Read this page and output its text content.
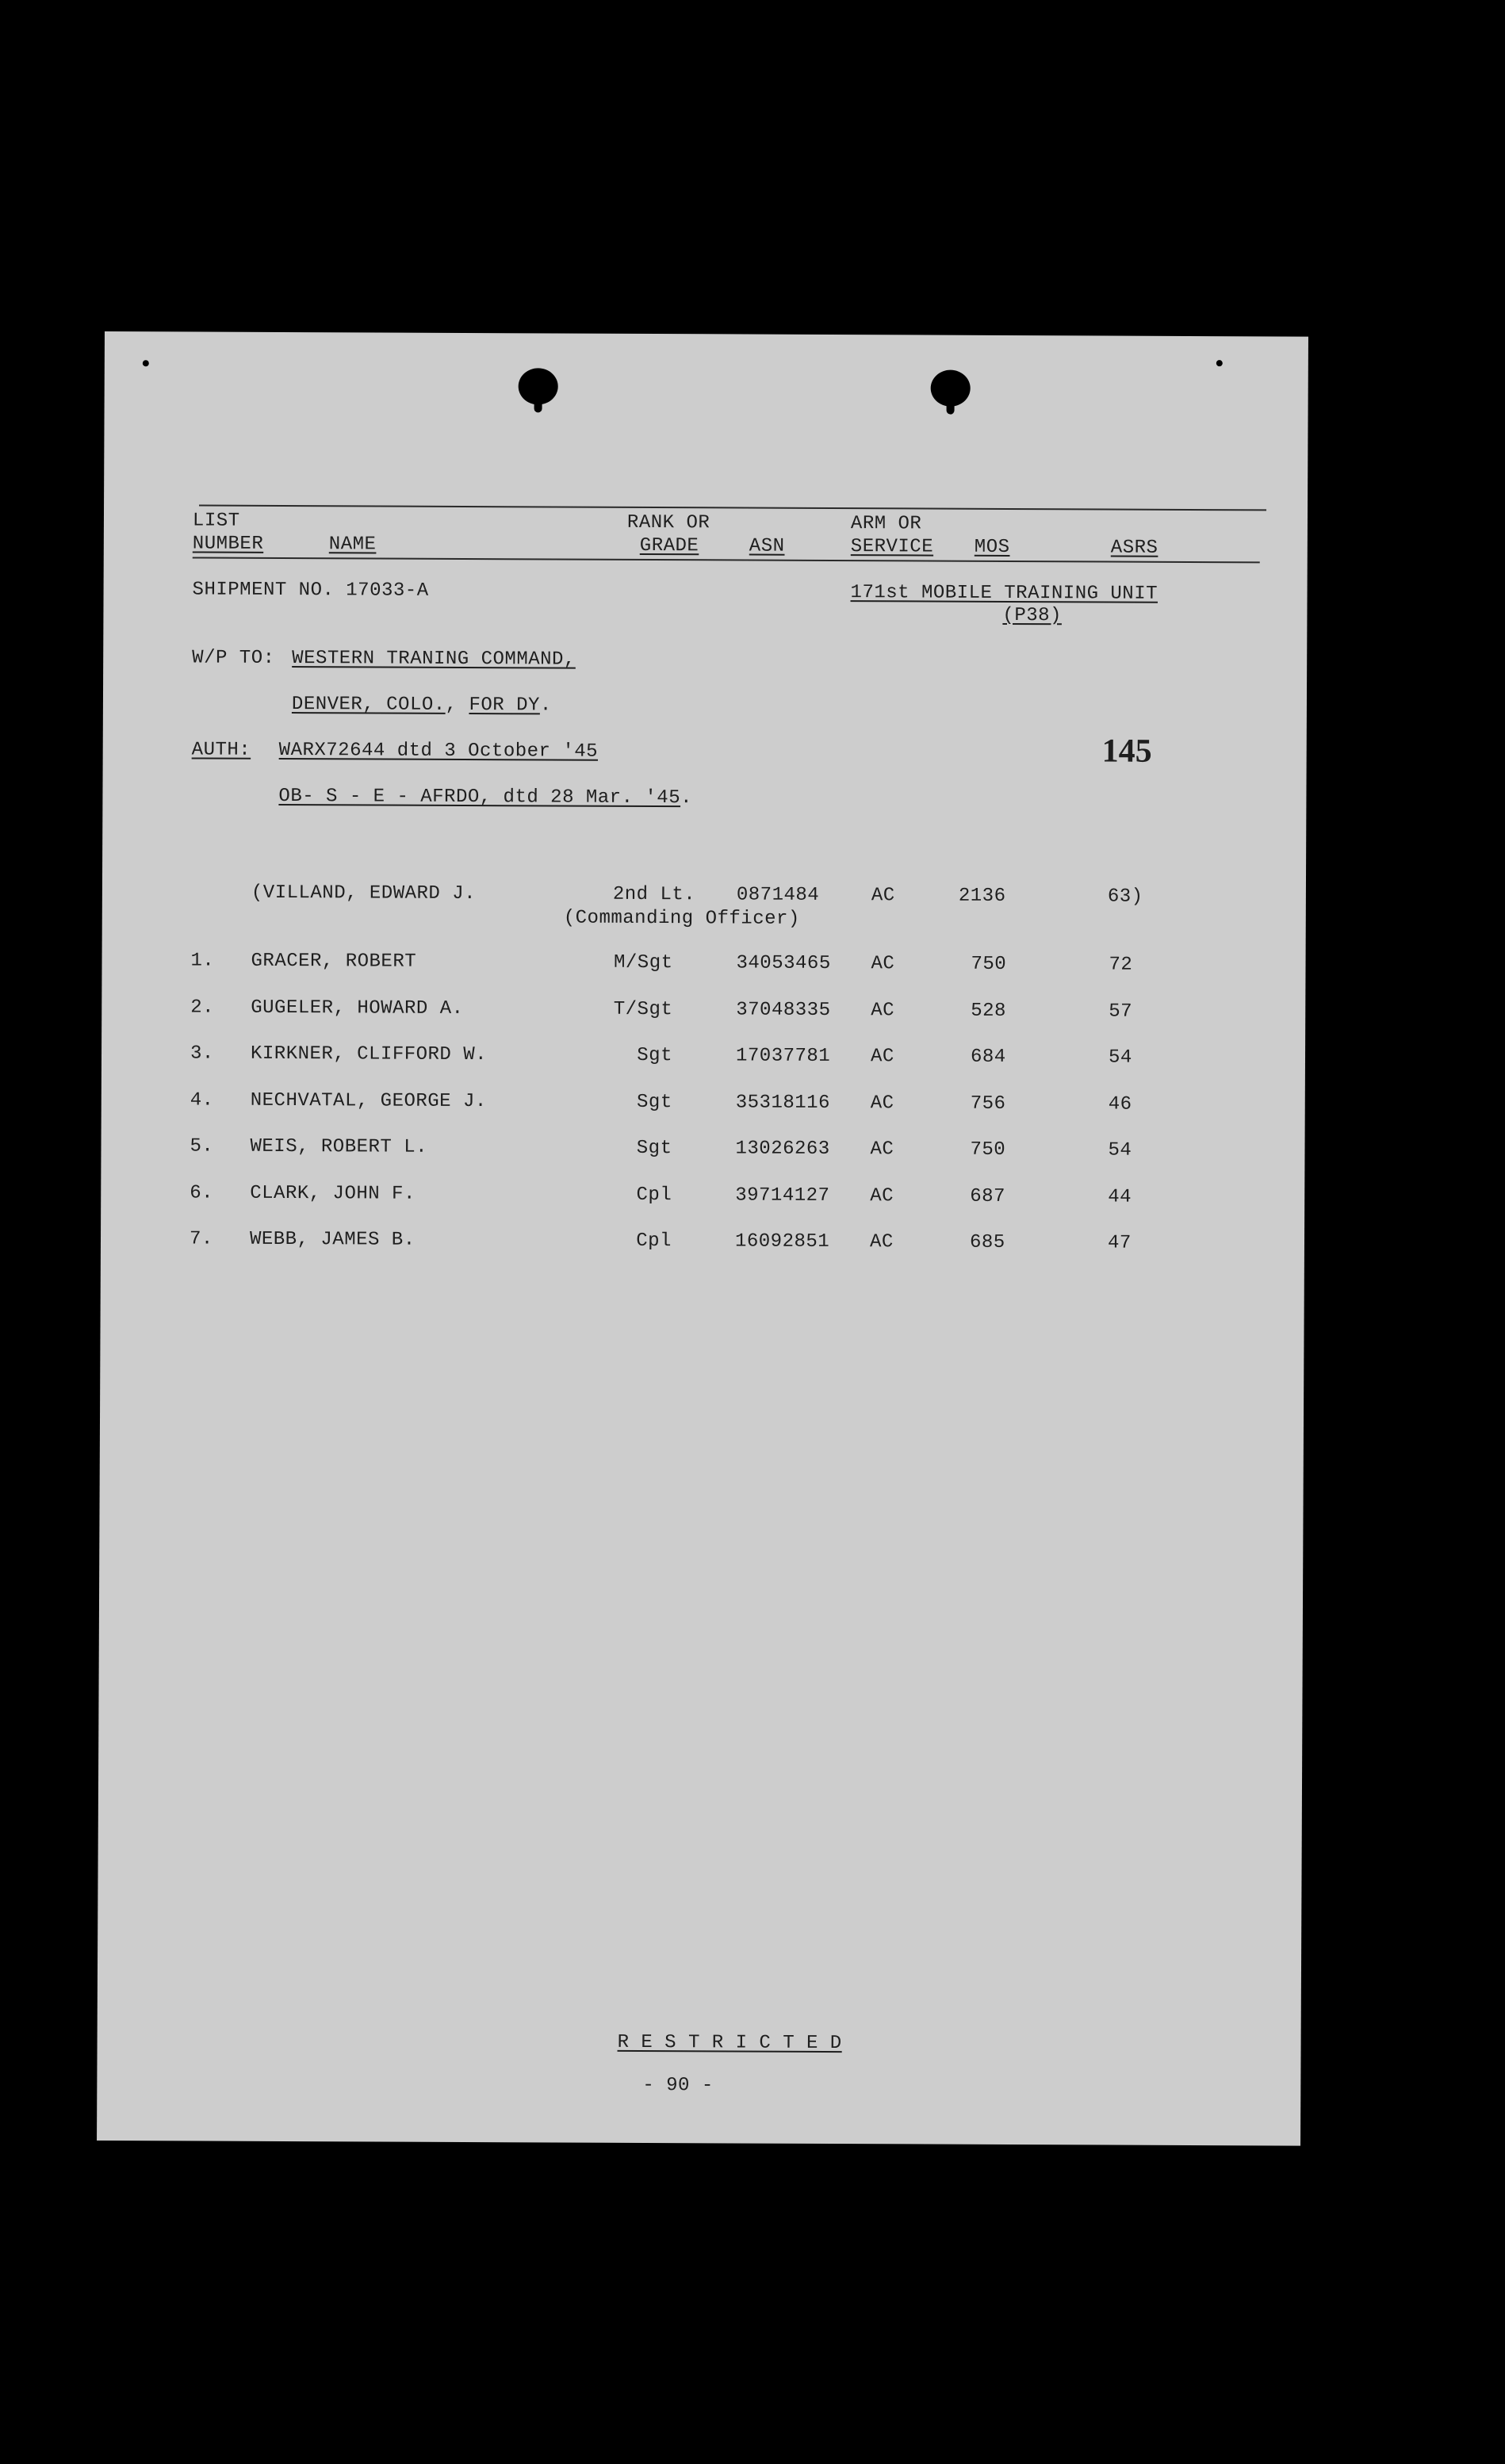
LIST
NUMBER	NAME
RANK OR
GRADE	ASN
ARM OR
SERVICE MOS	ASRS
SHIPMENT NO. 17033-A	171st MOBILE TRAINING UNIT
(P38)
W/P TO: WESTERN TRANING COMMAND,
DENVER, COLO., FOR DY.
AUTH: WARX72644 dtd 3 October '45
OB- S - E - AFRDO, dtd 28 Mar. '45.
145
(VILLAND, EDWARD J.	2nd Lt. 0871484	AC	2136	63)
(Commanding Officer)
1. GRACER, ROBERT	M/Sgt	34053465 AC	750	72
2. GUGELER, HOWARD A.	T/Sgt	37048335 AC	528	57
3. KIRKNER, CLIFFORD W.	Sgt	17037781 AC	684	54
4. NECHVATAL, GEORGE J.	Sgt	35318116 AC	756	46
5. WEIS, ROBERT L.	Sgt	13026263 AC	750	54
6. CLARK, JOHN F.	Cpl	39714127 AC	687	44
7. WEBB, JAMES B.	Cpl	16092851 AC	685	47
R E S T R I C T E D
- 90 -
